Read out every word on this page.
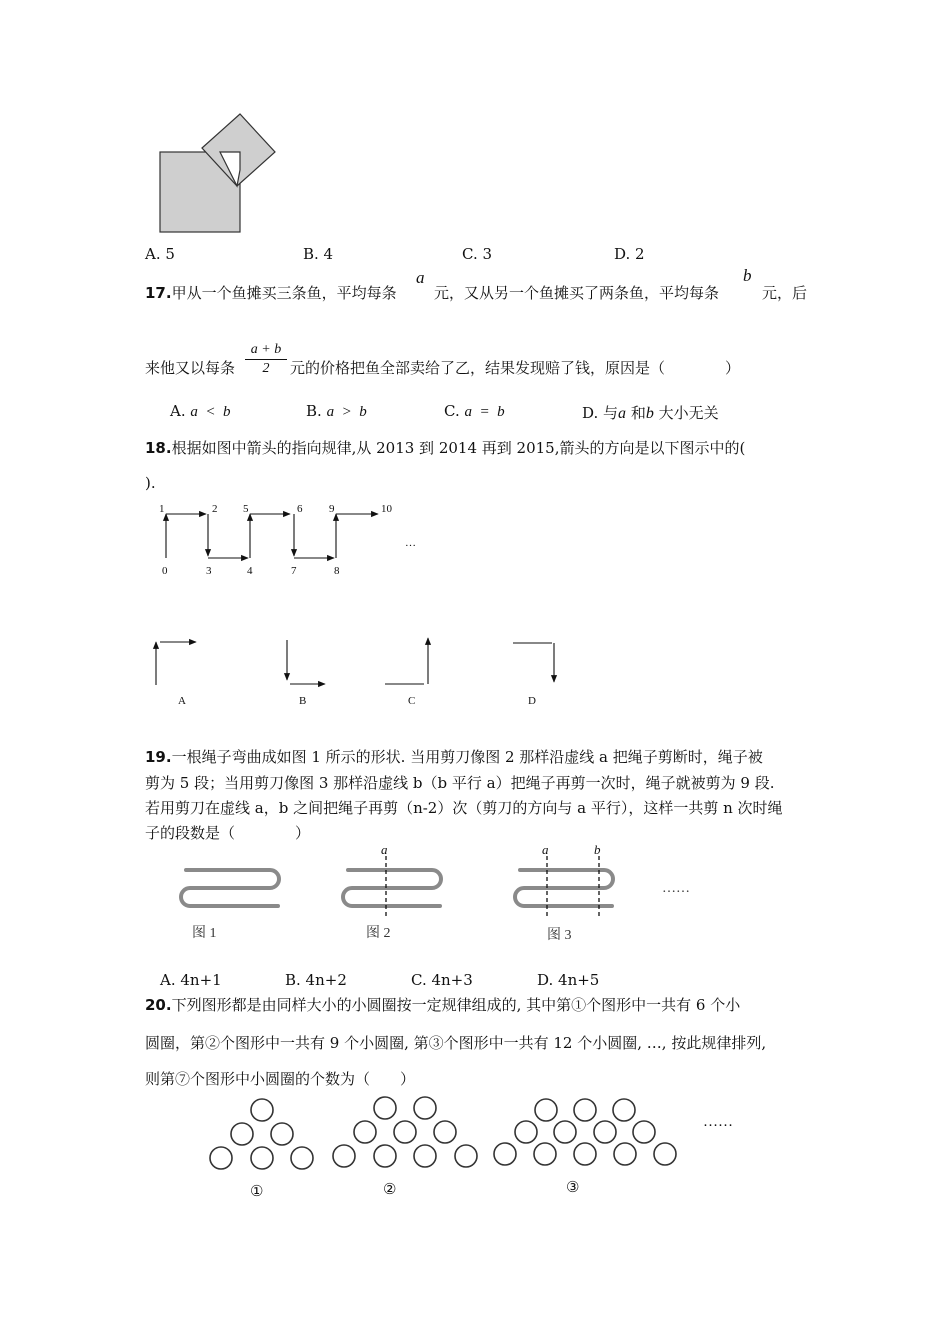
A. 5	B. 4	C. 3	D. 2
17.甲从一个鱼摊买三条鱼，平均每条
a
元，又从另一个鱼摊买了两条鱼，平均每条
b
元，后
来他又以每条 $\frac{a + b}{2}$ 元的价格把鱼全部卖给了乙，结果发现赔了钱，原因是（　　　　）
A. a  <  b	B. a  >  b	C. a  =  b	D. 与a 和b 大小无关
18.根据如图中箭头的指向规律,从 2013 到 2014 再到 2015,箭头的方向是以下图示中的(
).
0
1	2
3	4
5	6
7	8
9	10
…
A	B	C	D
19.一根绳子弯曲成如图 1 所示的形状. 当用剪刀像图 2 那样沿虚线 a 把绳子剪断时，绳子被
剪为 5 段；当用剪刀像图 3 那样沿虚线 b（b 平行 a）把绳子再剪一次时，绳子就被剪为 9 段.
若用剪刀在虚线 a，b 之间把绳子再剪（n-2）次（剪刀的方向与 a 平行），这样一共剪 n 次时绳
子的段数是（　　　　）
a	a	b
……
图 1	图 2	图 3
A. 4n+1	B. 4n+2	C. 4n+3	D. 4n+5
20.下列图形都是由同样大小的小圆圈按一定规律组成的, 其中第①个图形中一共有 6 个小
圆圈，第②个图形中一共有 9 个小圆圈, 第③个图形中一共有 12 个小圆圈, …, 按此规律排列,
则第⑦个图形中小圆圈的个数为（　　）
……
①	②	③
